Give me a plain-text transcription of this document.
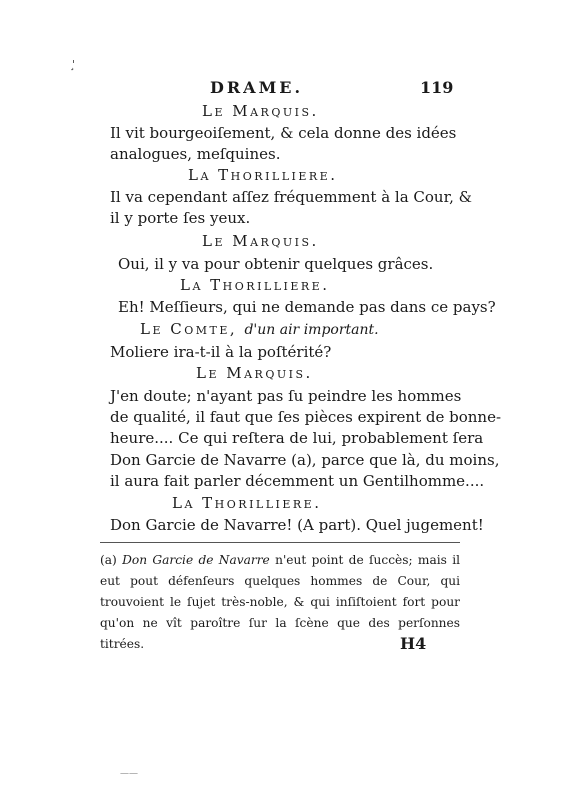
'̧
DRAME.	119
Le Marquis.
Il vit bourgeoiſement, & cela donne des idées
analogues, meſquines.
La Thorilliere.
Il va cependant aſſez fréquemment à la Cour, &
il y porte ſes yeux.
Le Marquis.
Oui, il y va pour obtenir quelques grâces.
La Thorilliere.
Eh! Meſſieurs, qui ne demande pas dans ce pays?
Le Comte, d'un air important.
Moliere ira-t-il à la poſtérité?
Le Marquis.
J'en doute; n'ayant pas ſu peindre les hommes
de qualité, il faut que ſes pièces expirent de bonne-
heure.... Ce qui reſtera de lui, probablement ſera
Don Garcie de Navarre (a), parce que là, du moins,
il aura fait parler décemment un Gentilhomme....
La Thorilliere.
Don Garcie de Navarre! (A part). Quel jugement!
(a) Don Garcie de Navarre n'eut point de ſuccès; mais il eut pout défenſeurs quelques hommes de Cour, qui trouvoient le ſujet très-noble, & qui inſiſtoient fort pour qu'on ne vît paroître ſur la ſcène que des perſonnes titrées.	H4
——
